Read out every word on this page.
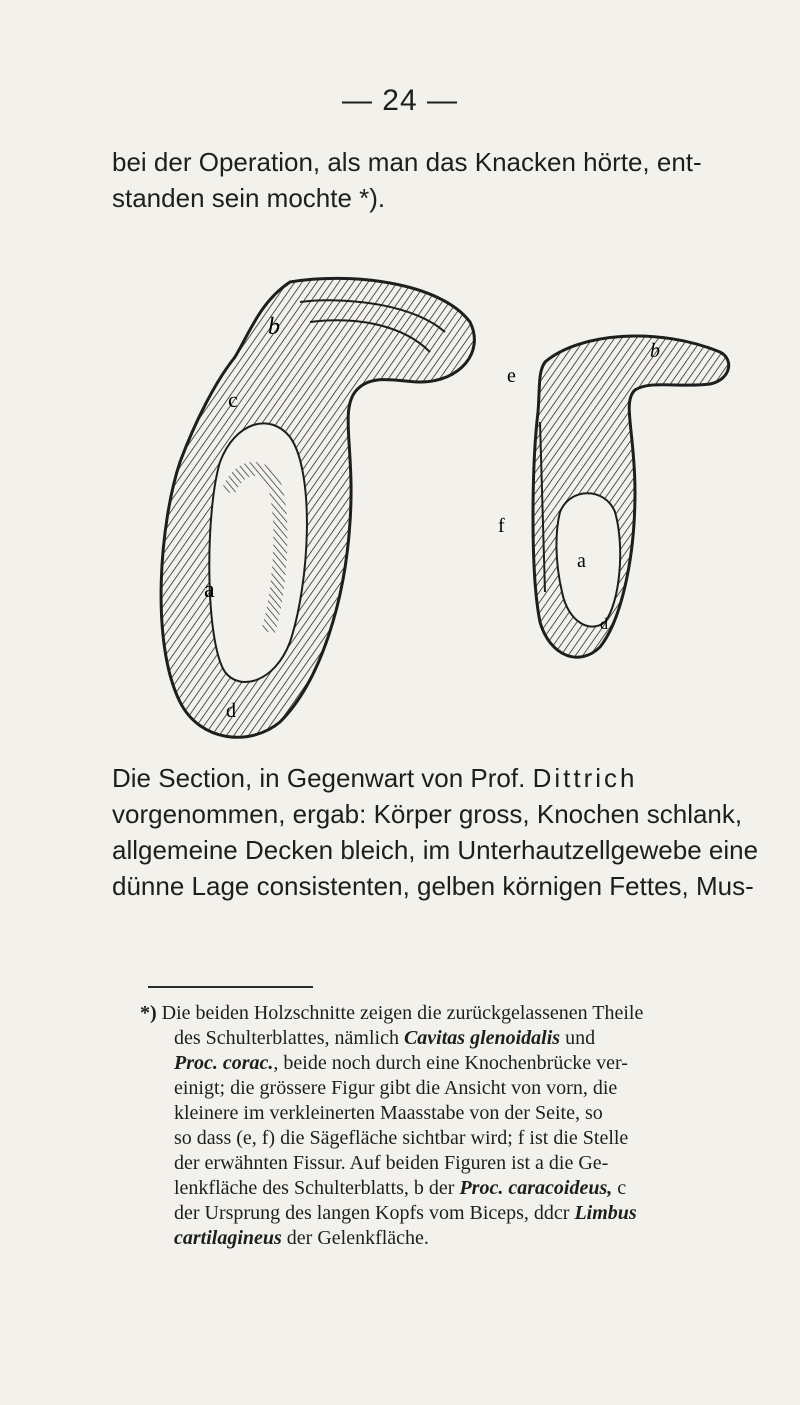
— 24 —

bei der Operation, als man das Knacken hörte, ent-
standen sein mochte *).

b
c
a
d
b
e
f
a
d

Die Section, in Gegenwart von Prof. Dittrich
vorgenommen, ergab: Körper gross, Knochen schlank,
allgemeine Decken bleich, im Unterhautzellgewebe eine
dünne Lage consistenten, gelben körnigen Fettes, Mus-

*) Die beiden Holzschnitte zeigen die zurückgelassenen Theile
des Schulterblattes, nämlich Cavitas glenoidalis und
Proc. corac., beide noch durch eine Knochenbrücke ver-
einigt; die grössere Figur gibt die Ansicht von vorn, die
kleinere im verkleinerten Maasstabe von der Seite, so
so dass (e, f) die Sägefläche sichtbar wird; f ist die Stelle
der erwähnten Fissur. Auf beiden Figuren ist a die Ge-
lenkfläche des Schulterblatts, b der Proc. caracoideus, c
der Ursprung des langen Kopfs vom Biceps, ddcr Limbus
cartilagineus der Gelenkfläche.
